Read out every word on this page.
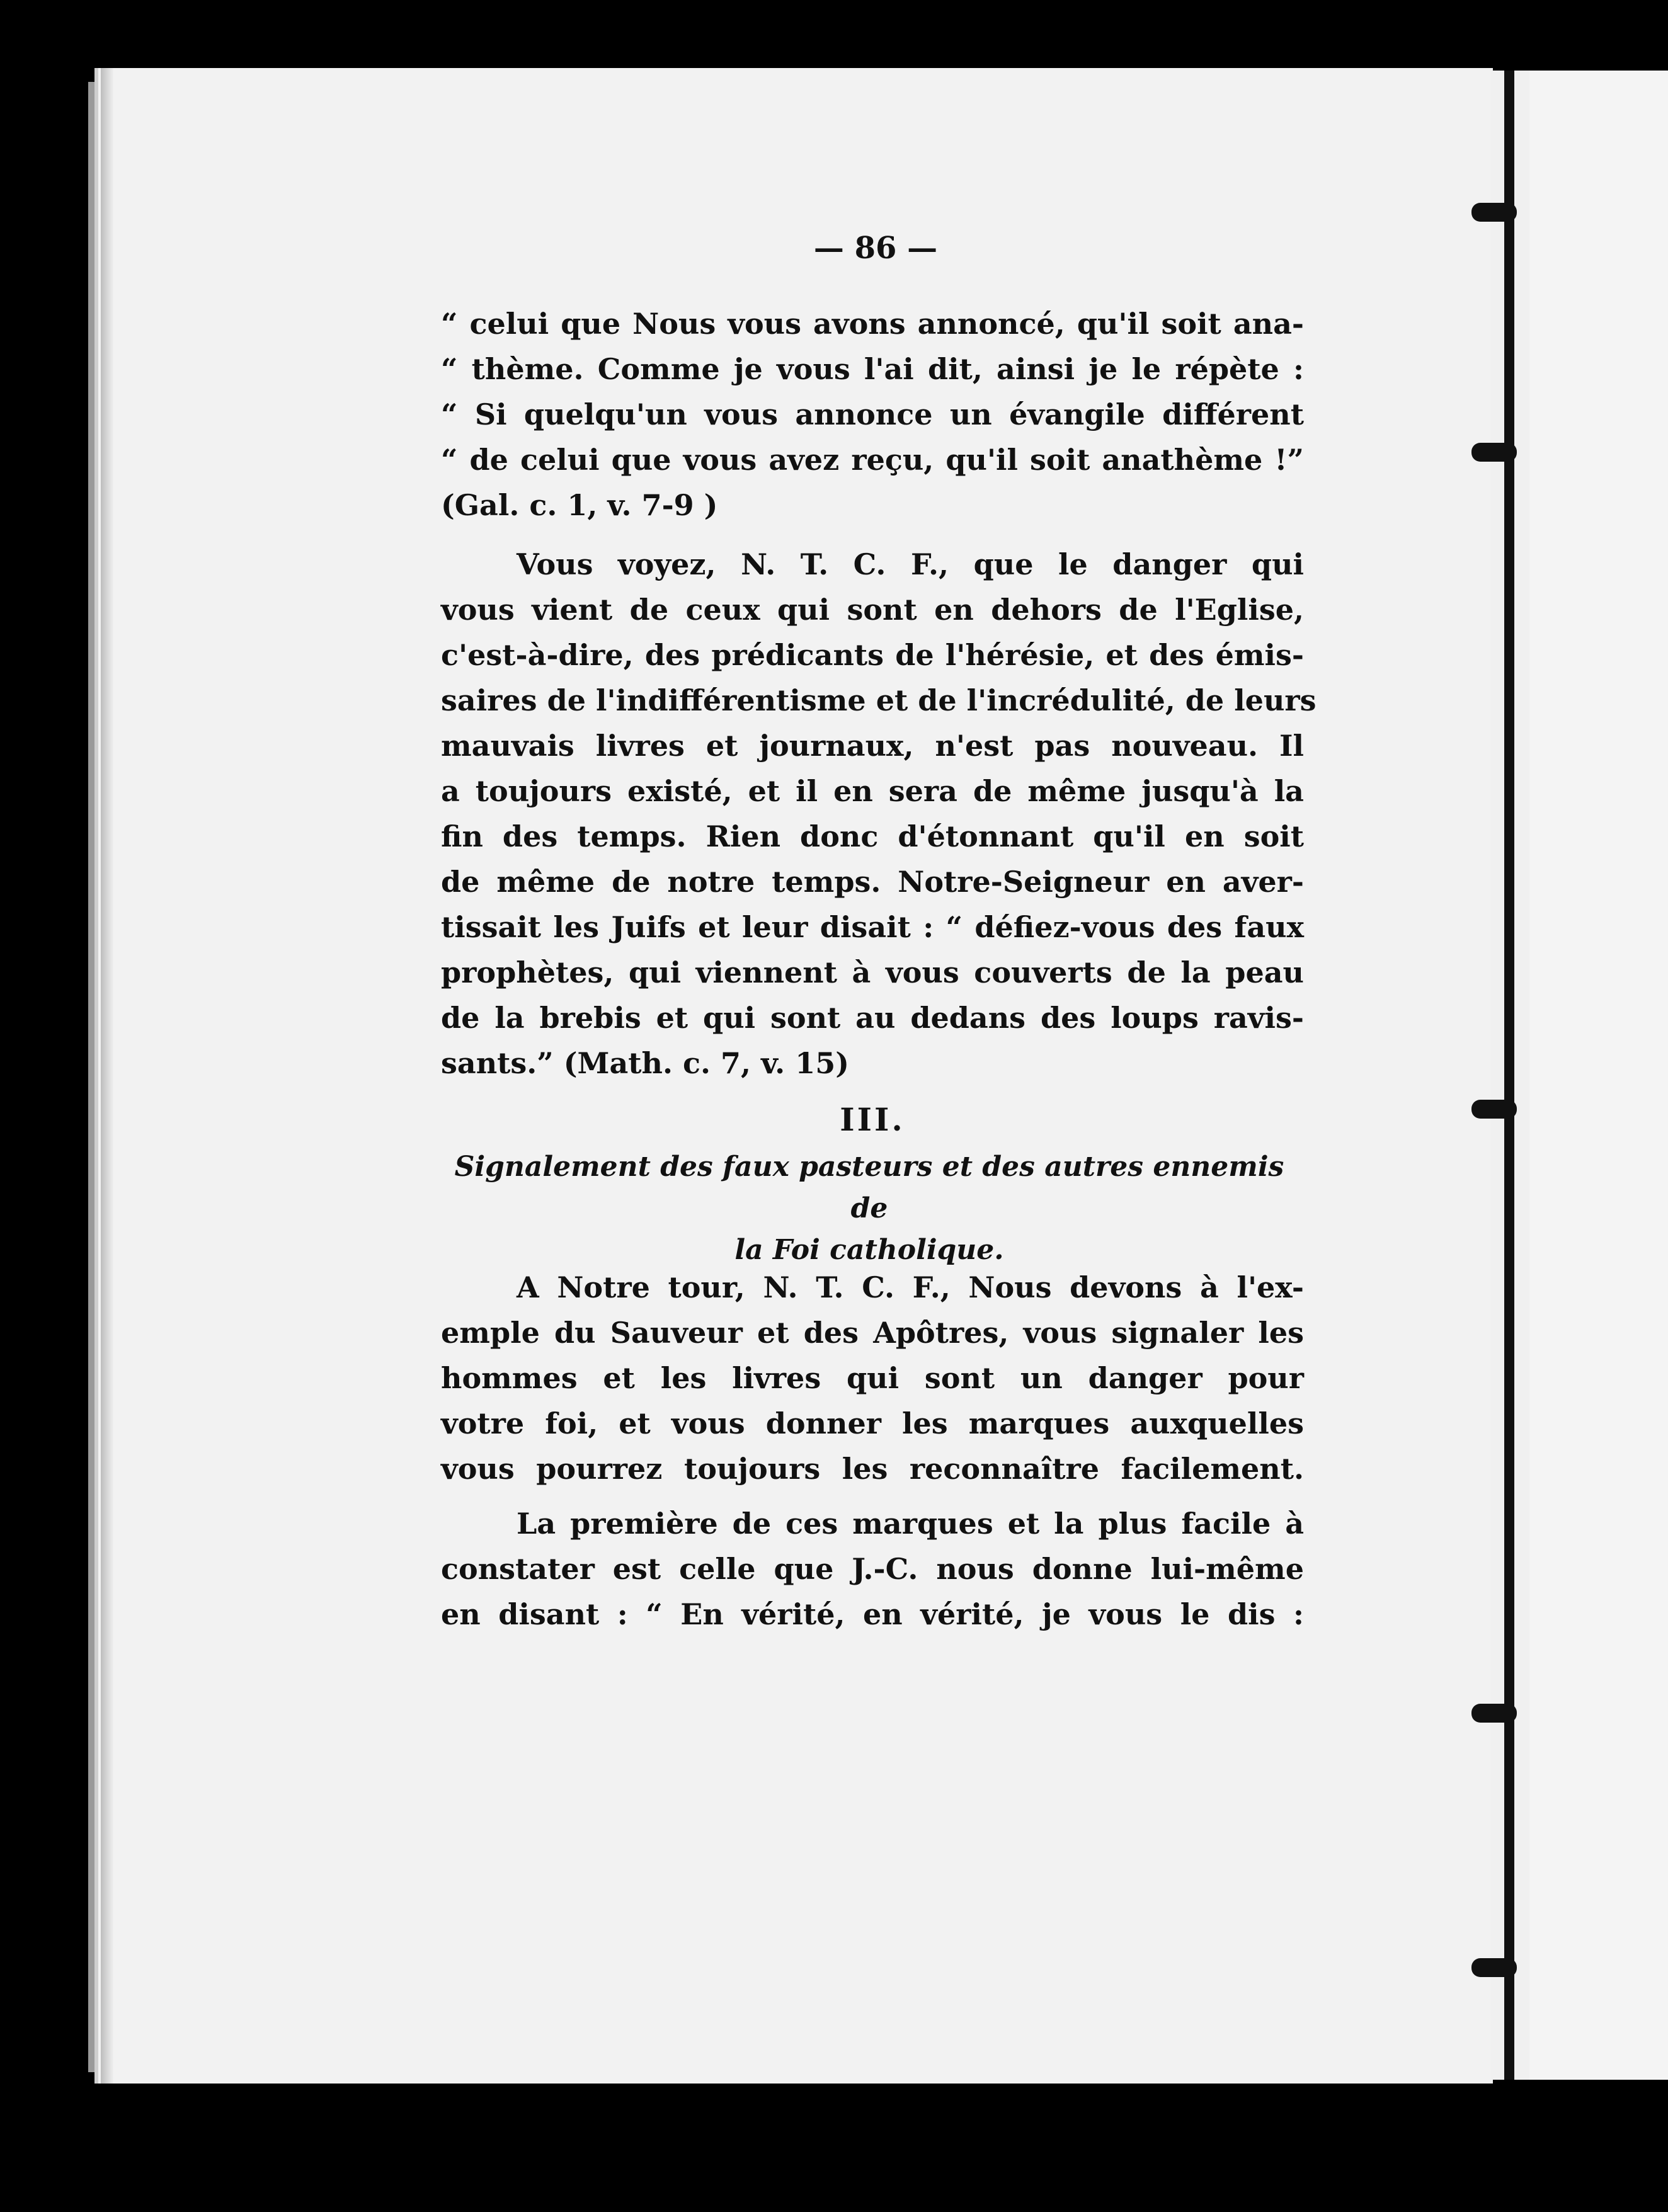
— 86 —
“ celui que Nous vous avons annoncé, qu'il soit ana-
“ thème. Comme je vous l'ai dit, ainsi je le répète :
“ Si quelqu'un vous annonce un évangile différent
“ de celui que vous avez reçu, qu'il soit anathème !”
(Gal. c. 1, v. 7-9 )
Vous voyez, N. T. C. F., que le danger qui
vous vient de ceux qui sont en dehors de l'Eglise,
c'est-à-dire, des prédicants de l'hérésie, et des émis-
saires de l'indifférentisme et de l'incrédulité, de leurs
mauvais livres et journaux, n'est pas nouveau. Il
a toujours existé, et il en sera de même jusqu'à la
fin des temps. Rien donc d'étonnant qu'il en soit
de même de notre temps. Notre-Seigneur en aver-
tissait les Juifs et leur disait : “ défiez-vous des faux
prophètes, qui viennent à vous couverts de la peau
de la brebis et qui sont au dedans des loups ravis-
sants.” (Math. c. 7, v. 15)
III.
Signalement des faux pasteurs et des autres ennemis de
la Foi catholique.
A Notre tour, N. T. C. F., Nous devons à l'ex-
emple du Sauveur et des Apôtres, vous signaler les
hommes et les livres qui sont un danger pour
votre foi, et vous donner les marques auxquelles
vous pourrez toujours les reconnaître facilement.
La première de ces marques et la plus facile à
constater est celle que J.-C. nous donne lui-même
en disant : “ En vérité, en vérité, je vous le dis :
